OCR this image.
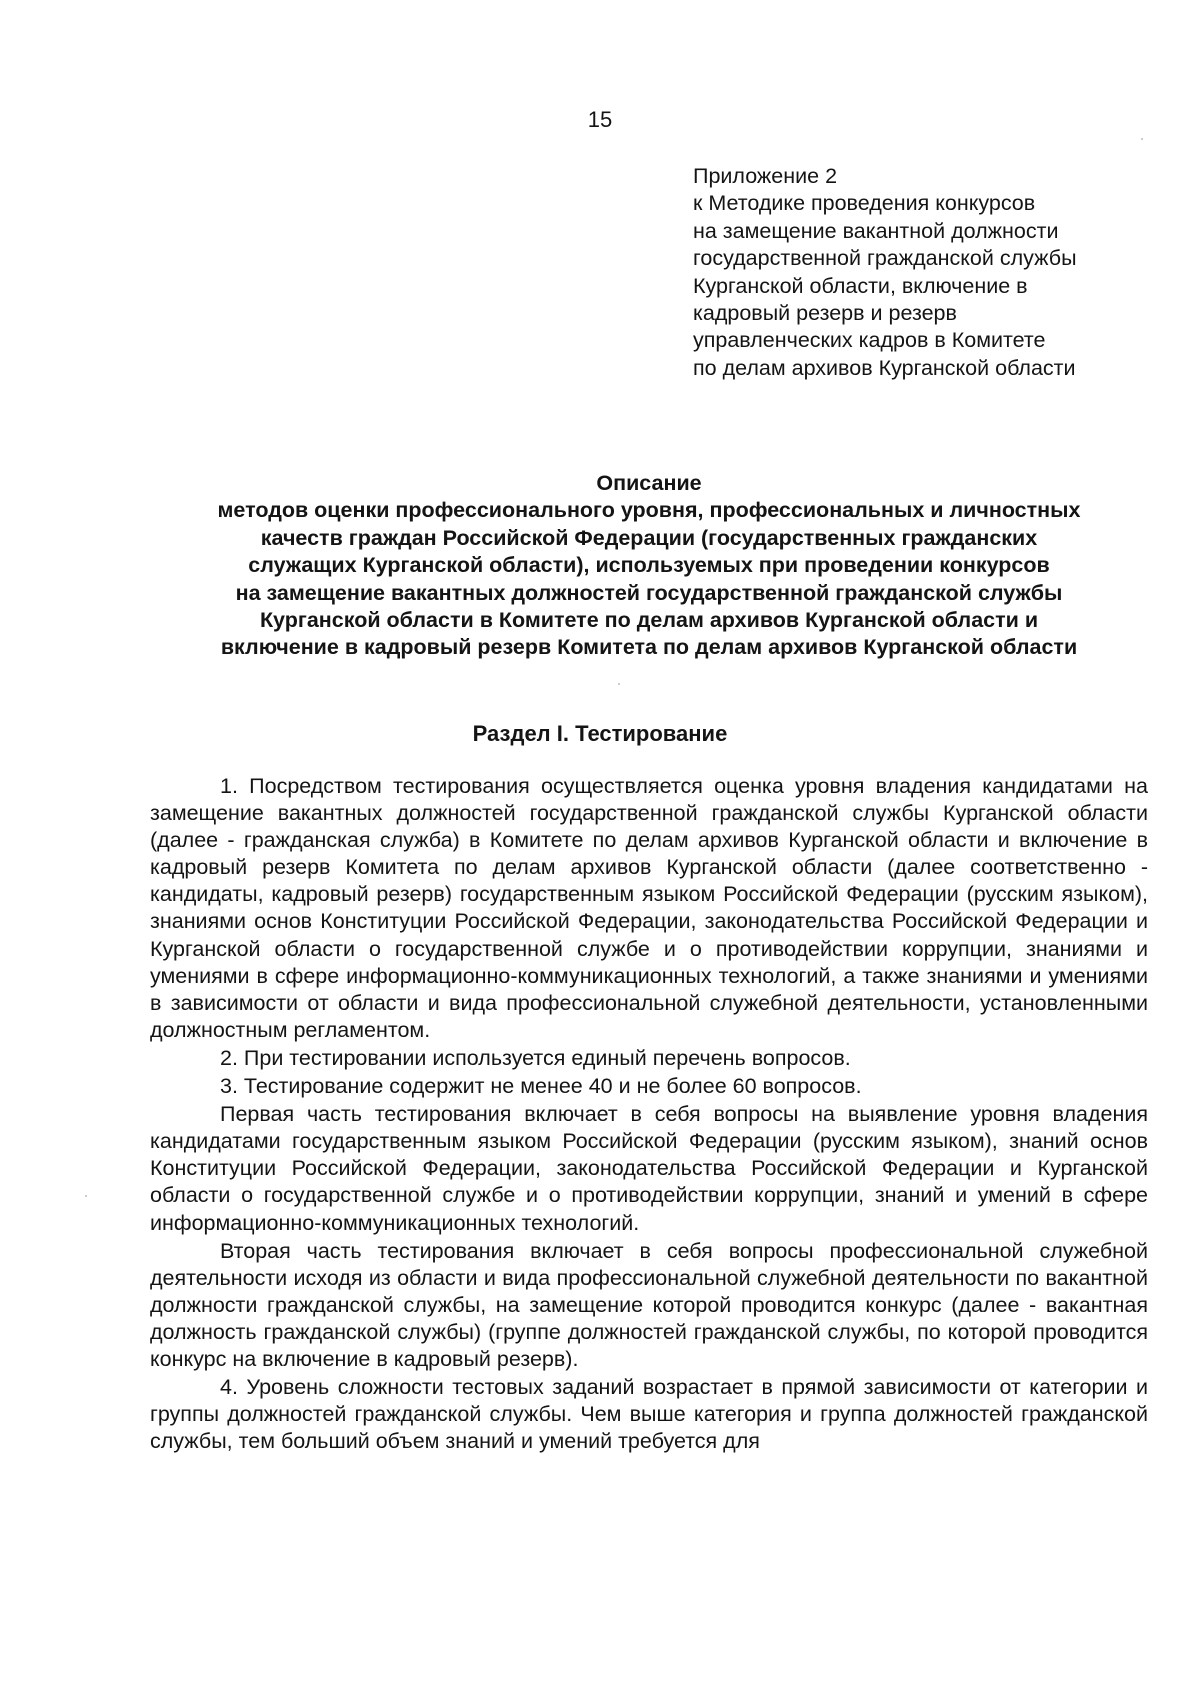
15
Приложение 2
к Методике проведения конкурсов
на замещение вакантной должности
государственной гражданской службы
Курганской области, включение в
кадровый резерв и резерв
управленческих кадров в Комитете
по делам архивов Курганской области
Описание
методов оценки профессионального уровня, профессиональных и личностных
качеств граждан Российской Федерации (государственных гражданских
служащих Курганской области), используемых при проведении конкурсов
на замещение вакантных должностей государственной гражданской службы
Курганской области в Комитете по делам архивов Курганской области и
включение в кадровый резерв Комитета по делам архивов Курганской области
Раздел I. Тестирование

1. Посредством тестирования осуществляется оценка уровня владения кандидатами на замещение вакантных должностей государственной гражданской службы Курганской области (далее - гражданская служба) в Комитете по делам архивов Курганской области и включение в кадровый резерв Комитета по делам архивов Курганской области (далее соответственно - кандидаты, кадровый резерв) государственным языком Российской Федерации (русским языком), знаниями основ Конституции Российской Федерации, законодательства Российской Федерации и Курганской области о государственной службе и о противодействии коррупции, знаниями и умениями в сфере информационно-коммуникационных технологий, а также знаниями и умениями в зависимости от области и вида профессиональной служебной деятельности, установленными должностным регламентом.

2. При тестировании используется единый перечень вопросов.

3. Тестирование содержит не менее 40 и не более 60 вопросов.

Первая часть тестирования включает в себя вопросы на выявление уровня владения кандидатами государственным языком Российской Федерации (русским языком), знаний основ Конституции Российской Федерации, законодательства Российской Федерации и Курганской области о государственной службе и о противодействии коррупции, знаний и умений в сфере информационно-коммуникационных технологий.

Вторая часть тестирования включает в себя вопросы профессиональной служебной деятельности исходя из области и вида профессиональной служебной деятельности по вакантной должности гражданской службы, на замещение которой проводится конкурс (далее - вакантная должность гражданской службы) (группе должностей гражданской службы, по которой проводится конкурс на включение в кадровый резерв).

4. Уровень сложности тестовых заданий возрастает в прямой зависимости от категории и группы должностей гражданской службы. Чем выше категория и группа должностей гражданской службы, тем больший объем знаний и умений требуется для
